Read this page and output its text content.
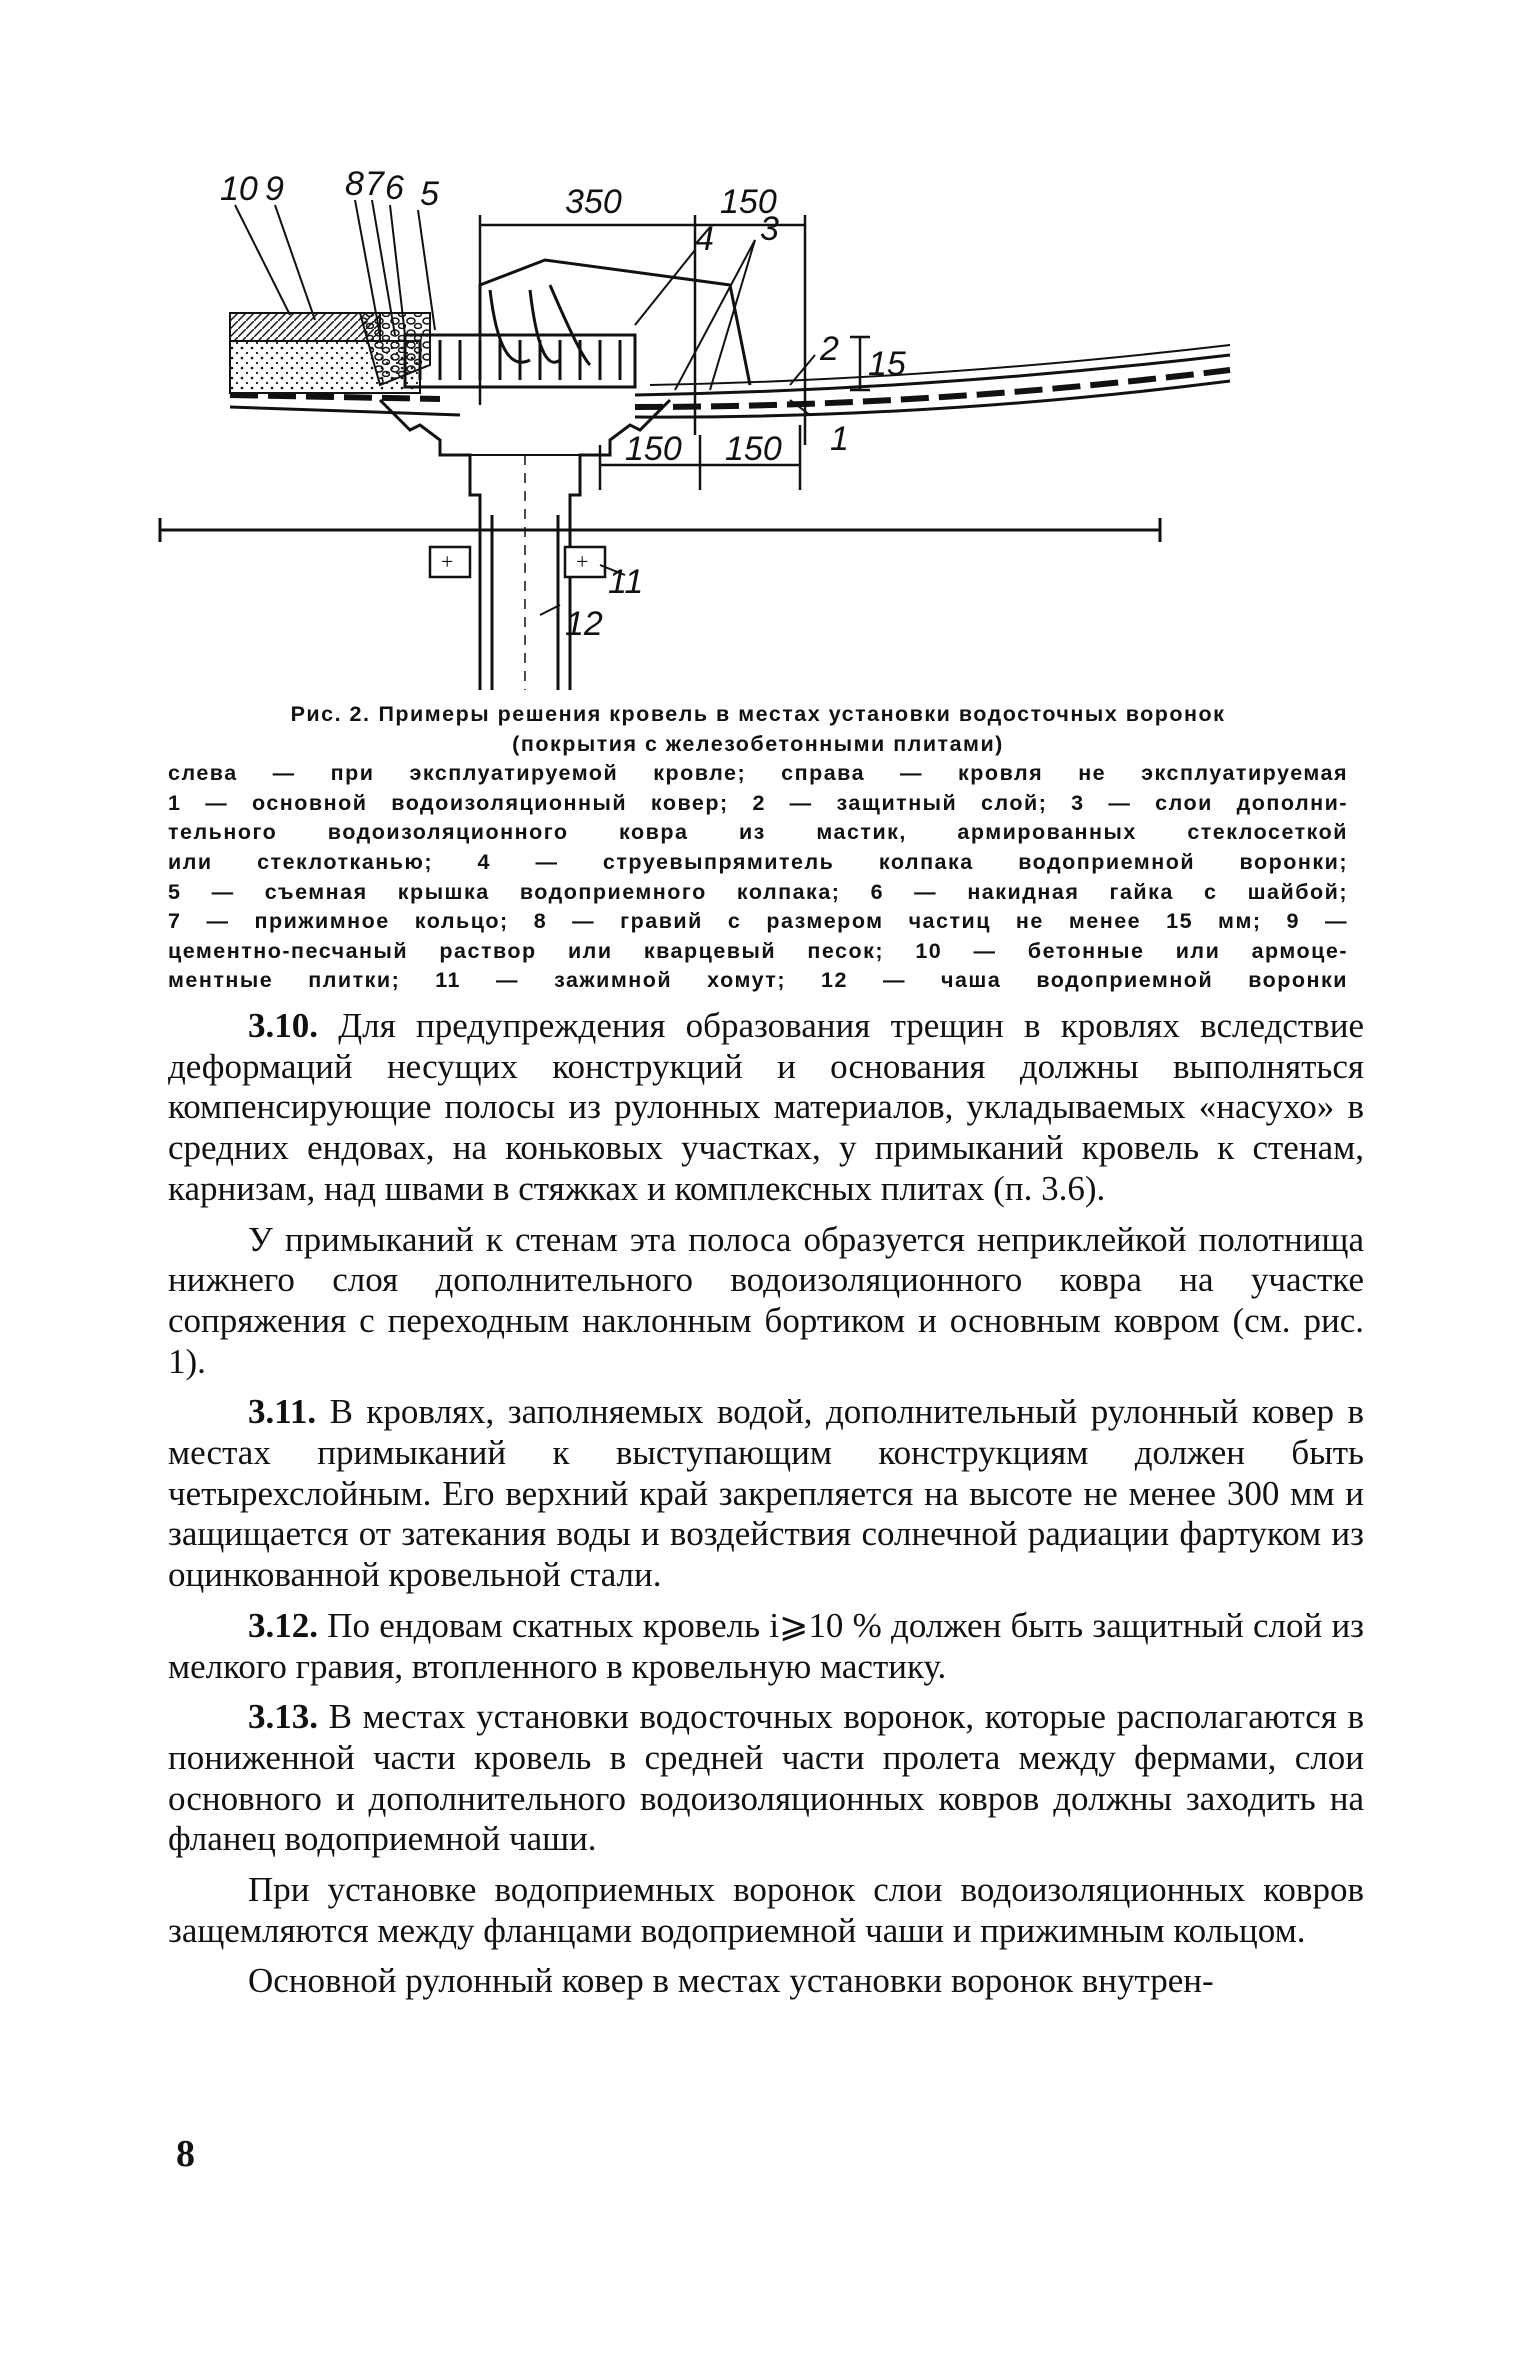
350	150
150 150
15
+	+
10 9 8 7 6 5
4 3
2
1
11
12
Рис. 2. Примеры решения кровель в местах установки водосточных воронок
(покрытия с железобетонными плитами)
слева — при эксплуатируемой кровле; справа — кровля не эксплуатируемая
1 — основной водоизоляционный ковер; 2 — защитный слой; 3 — слои дополни-
тельного водоизоляционного ковра из мастик, армированных стеклосеткой
или стеклотканью; 4 — струевыпрямитель колпака водоприемной воронки;
5 — съемная крышка водоприемного колпака; 6 — накидная гайка с шайбой;
7 — прижимное кольцо; 8 — гравий с размером частиц не менее 15 мм; 9 —
цементно-песчаный раствор или кварцевый песок; 10 — бетонные или армоце-
ментные плитки; 11 — зажимной хомут; 12 — чаша водоприемной воронки

3.10. Для предупреждения образования трещин в кровлях вследствие деформаций несущих конструкций и основания должны выполняться компенсирующие полосы из рулонных материалов, укладываемых «насухо» в средних ендовах, на коньковых участках, у примыканий кровель к стенам, карнизам, над швами в стяжках и комплексных плитах (п. 3.6).

У примыканий к стенам эта полоса образуется неприклейкой полотнища нижнего слоя дополнительного водоизоляционного ковра на участке сопряжения с переходным наклонным бортиком и основным ковром (см. рис. 1).

3.11. В кровлях, заполняемых водой, дополнительный рулонный ковер в местах примыканий к выступающим конструкциям должен быть четырехслойным. Его верхний край закрепляется на высоте не менее 300 мм и защищается от затекания воды и воздействия солнечной радиации фартуком из оцинкованной кровельной стали.

3.12. По ендовам скатных кровель i⩾10 % должен быть защитный слой из мелкого гравия, втопленного в кровельную мастику.

3.13. В местах установки водосточных воронок, которые располагаются в пониженной части кровель в средней части пролета между фермами, слои основного и дополнительного водоизоляционных ковров должны заходить на фланец водоприемной чаши.

При установке водоприемных воронок слои водоизоляционных ковров защемляются между фланцами водоприемной чаши и прижимным кольцом.

Основной рулонный ковер в местах установки воронок внутрен-

8
